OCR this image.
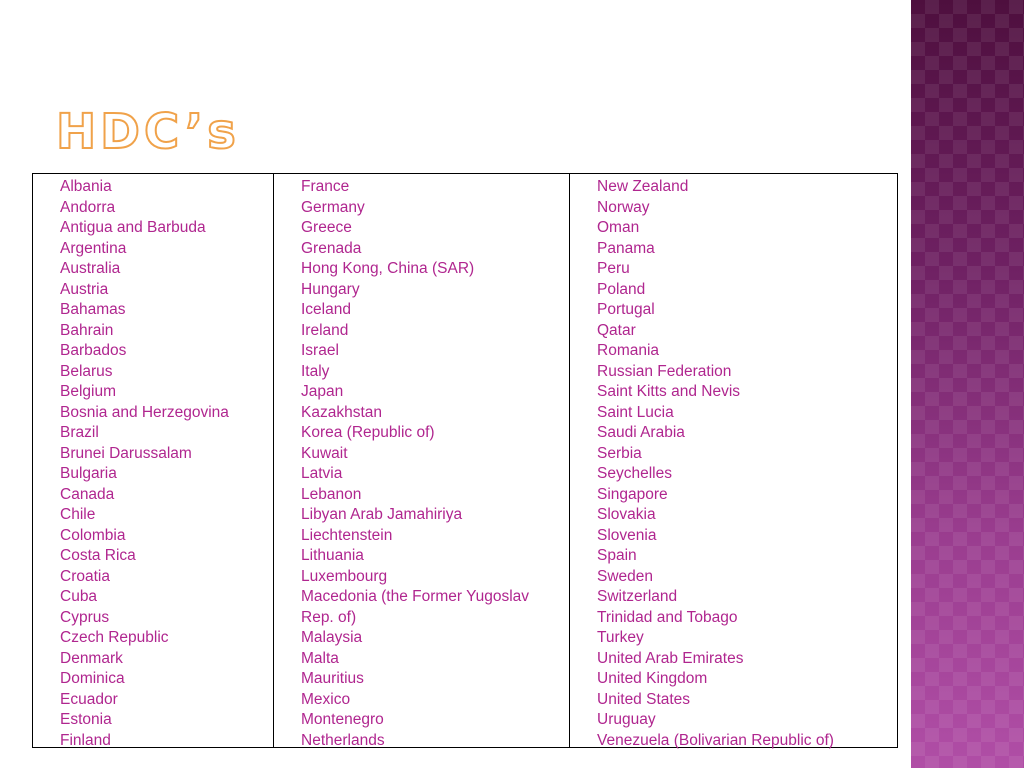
HDC’s
Albania
Andorra
Antigua and Barbuda
Argentina
Australia
Austria
Bahamas
Bahrain
Barbados
Belarus
Belgium
Bosnia and Herzegovina
Brazil
Brunei Darussalam
Bulgaria
Canada
Chile
Colombia
Costa Rica
Croatia
Cuba
Cyprus
Czech Republic
Denmark
Dominica
Ecuador
Estonia
Finland
France
Germany
Greece
Grenada
Hong Kong, China (SAR)
Hungary
Iceland
Ireland
Israel
Italy
Japan
Kazakhstan
Korea (Republic of)
Kuwait
Latvia
Lebanon
Libyan Arab Jamahiriya
Liechtenstein
Lithuania
Luxembourg
Macedonia (the Former Yugoslav
Rep. of)
Malaysia
Malta
Mauritius
Mexico
Montenegro
Netherlands
New Zealand
Norway
Oman
Panama
Peru
Poland
Portugal
Qatar
Romania
Russian Federation
Saint Kitts and Nevis
Saint Lucia
Saudi Arabia
Serbia
Seychelles
Singapore
Slovakia
Slovenia
Spain
Sweden
Switzerland
Trinidad and Tobago
Turkey
United Arab Emirates
United Kingdom
United States
Uruguay
Venezuela (Bolivarian Republic of)
